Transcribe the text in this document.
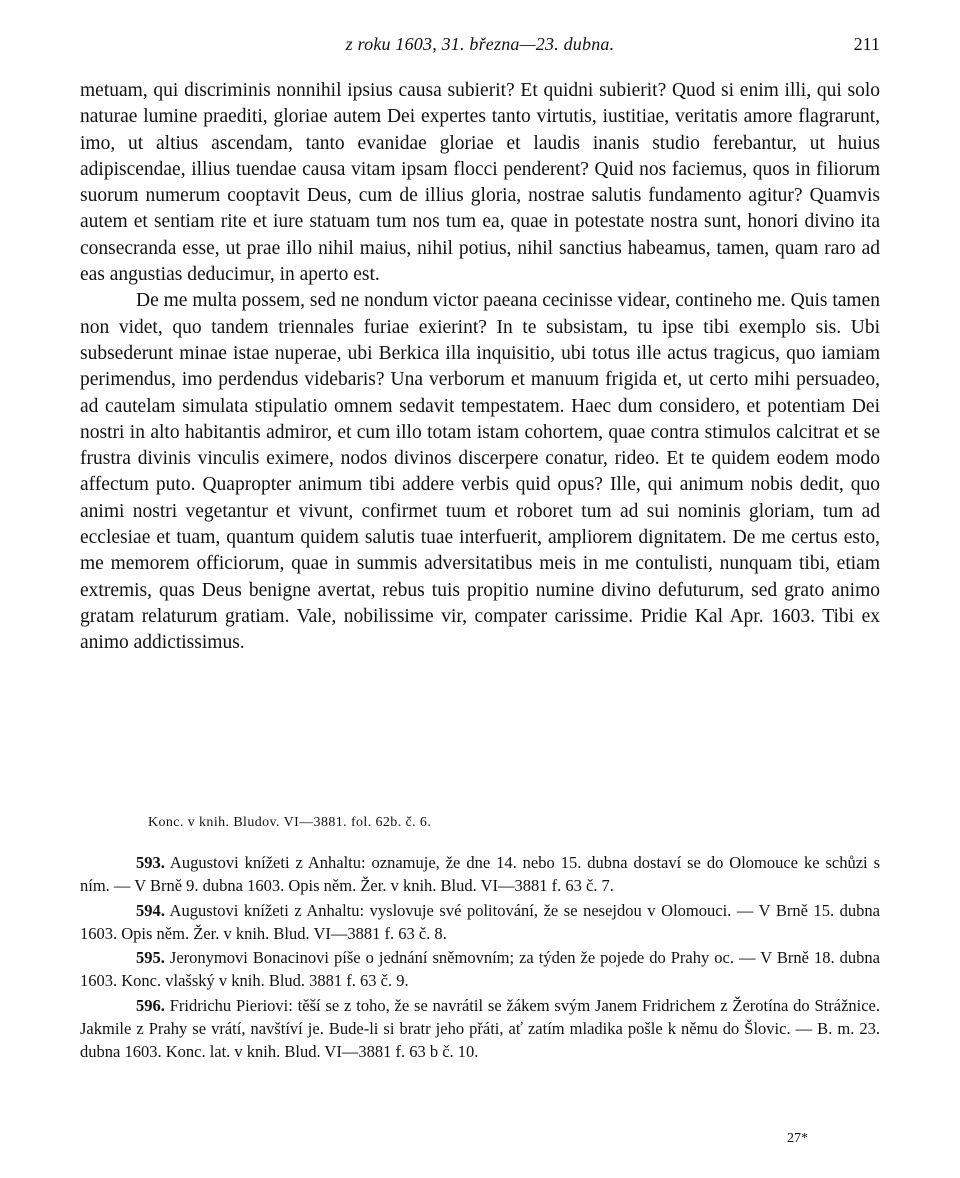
z roku 1603, 31. března—23. dubna.	211

metuam, qui discriminis nonnihil ipsius causa subierit? Et quidni subierit? Quod si enim illi, qui solo naturae lumine praediti, gloriae autem Dei expertes tanto virtutis, iustitiae, veritatis amore flagrarunt, imo, ut altius ascendam, tanto evanidae gloriae et laudis inanis studio ferebantur, ut huius adipiscendae, illius tuendae causa vitam ipsam flocci penderent? Quid nos faciemus, quos in filiorum suorum numerum cooptavit Deus, cum de illius gloria, nostrae salutis fundamento agitur? Quamvis autem et sentiam rite et iure statuam tum nos tum ea, quae in potestate nostra sunt, honori divino ita consecranda esse, ut prae illo nihil maius, nihil potius, nihil sanctius habeamus, tamen, quam raro ad eas angustias deducimur, in aperto est.

De me multa possem, sed ne nondum victor paeana cecinisse videar, contineho me. Quis tamen non videt, quo tandem triennales furiae exierint? In te subsistam, tu ipse tibi exemplo sis. Ubi subsederunt minae istae nuperae, ubi Berkica illa inquisitio, ubi totus ille actus tragicus, quo iamiam perimendus, imo perdendus videbaris? Una verborum et manuum frigida et, ut certo mihi persuadeo, ad cautelam simulata stipulatio omnem sedavit tempestatem. Haec dum considero, et potentiam Dei nostri in alto habitantis admiror, et cum illo totam istam cohortem, quae contra stimulos calcitrat et se frustra divinis vinculis eximere, nodos divinos discerpere conatur, rideo. Et te quidem eodem modo affectum puto. Quapropter animum tibi addere verbis quid opus? Ille, qui animum nobis dedit, quo animi nostri vegetantur et vivunt, confirmet tuum et roboret tum ad sui nominis gloriam, tum ad ecclesiae et tuam, quantum quidem salutis tuae interfuerit, ampliorem dignitatem. De me certus esto, me memorem officiorum, quae in summis adversitatibus meis in me contulisti, nunquam tibi, etiam extremis, quas Deus benigne avertat, rebus tuis propitio numine divino defuturum, sed grato animo gratam relaturum gratiam. Vale, nobilissime vir, compater carissime. Pridie Kal Apr. 1603. Tibi ex animo addictissimus.

Konc. v knih. Bludov. VI—3881. fol. 62b. č. 6.

593. Augustovi knížeti z Anhaltu: oznamuje, že dne 14. nebo 15. dubna dostaví se do Olomouce ke schůzi s ním. — V Brně 9. dubna 1603. Opis něm. Žer. v knih. Blud. VI—3881 f. 63 č. 7.

594. Augustovi knížeti z Anhaltu: vyslovuje své politování, že se nesejdou v Olomouci. — V Brně 15. dubna 1603. Opis něm. Žer. v knih. Blud. VI—3881 f. 63 č. 8.

595. Jeronymovi Bonacinovi píše o jednání sněmovním; za týden že pojede do Prahy oc. — V Brně 18. dubna 1603. Konc. vlašský v knih. Blud. 3881 f. 63 č. 9.

596. Fridrichu Pieriovi: těší se z toho, že se navrátil se žákem svým Janem Fridrichem z Žerotína do Strážnice. Jakmile z Prahy se vrátí, navštíví je. Bude-li si bratr jeho přáti, ať zatím mladika pošle k němu do Šlovic. — B. m. 23. dubna 1603. Konc. lat. v knih. Blud. VI—3881 f. 63 b č. 10.

27*
